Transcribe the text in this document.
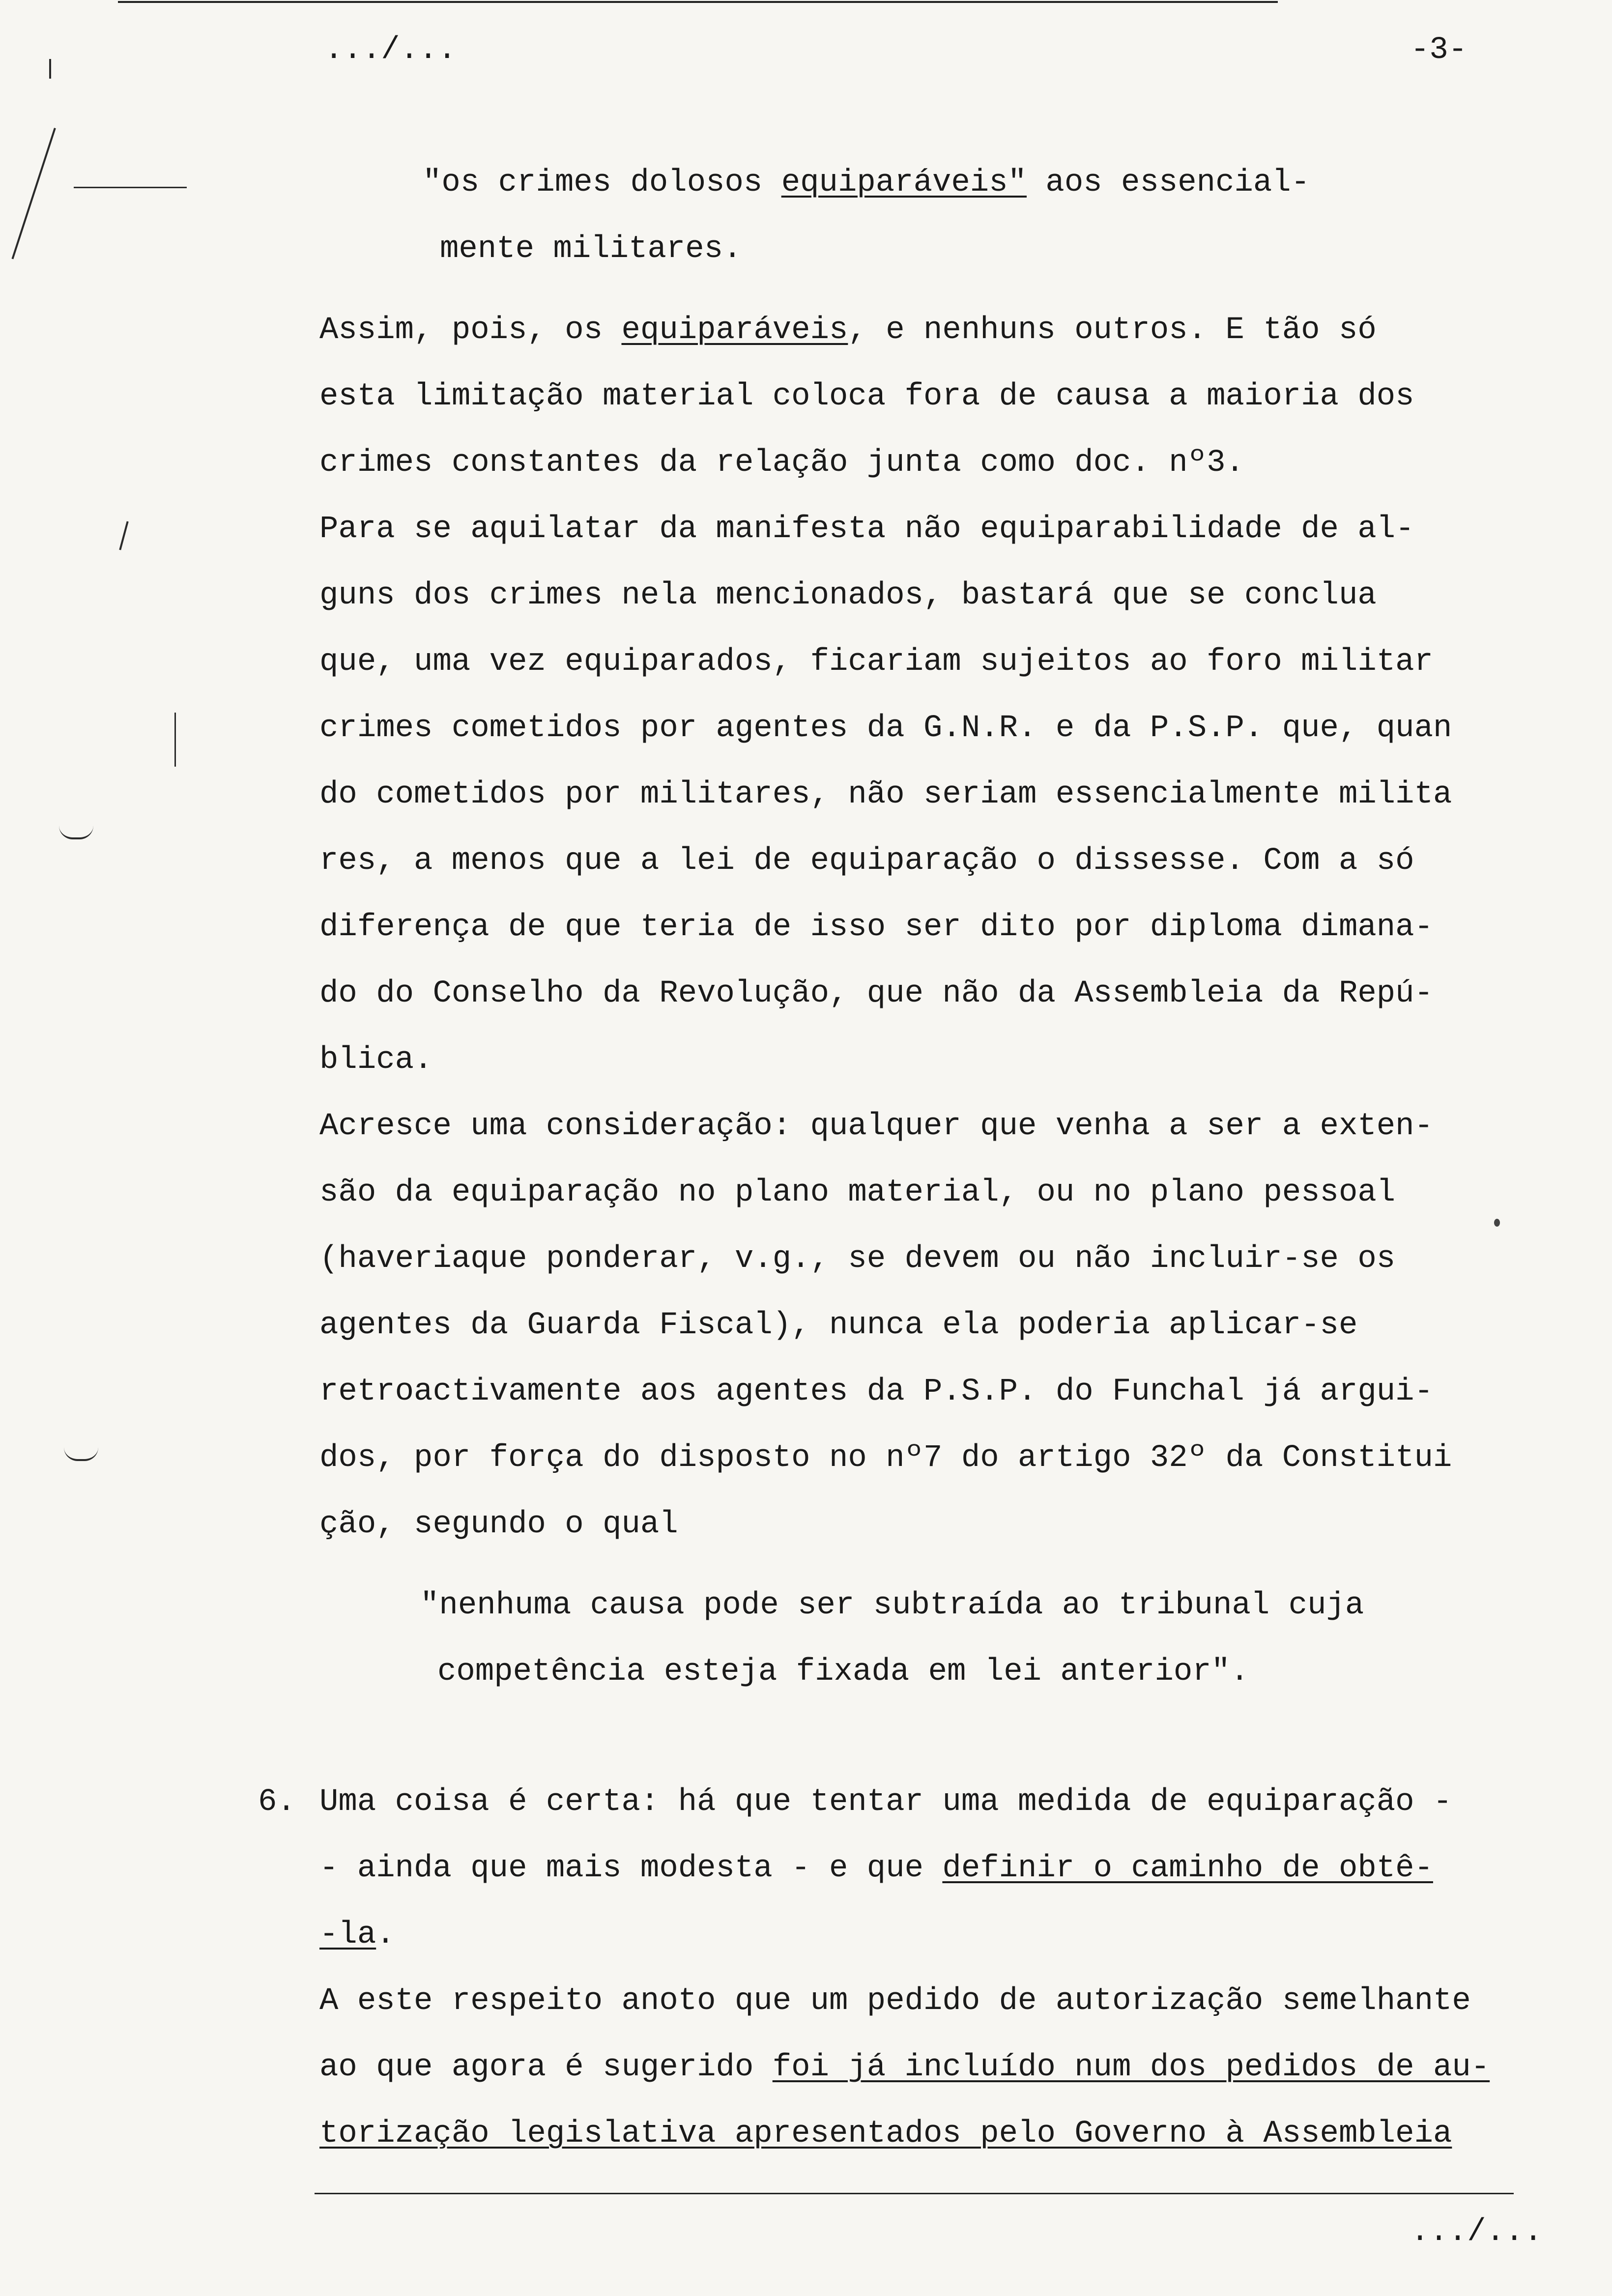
.../...	-3-
"os crimes dolosos equiparáveis" aos essencial-
mente militares.
Assim, pois, os equiparáveis, e nenhuns outros. E tão só
esta limitação material coloca fora de causa a maioria dos
crimes constantes da relação junta como doc. nº3.
Para se aquilatar da manifesta não equiparabilidade de al-
guns dos crimes nela mencionados, bastará que se conclua
que, uma vez equiparados, ficariam sujeitos ao foro militar
crimes cometidos por agentes da G.N.R. e da P.S.P. que, quan
do cometidos por militares, não seriam essencialmente milita
res, a menos que a lei de equiparação o dissesse. Com a só
diferença de que teria de isso ser dito por diploma dimana-
do do Conselho da Revolução, que não da Assembleia da Repú-
blica.
Acresce uma consideração: qualquer que venha a ser a exten-
são da equiparação no plano material, ou no plano pessoal
(haveriaque ponderar, v.g., se devem ou não incluir-se os
agentes da Guarda Fiscal), nunca ela poderia aplicar-se
retroactivamente aos agentes da P.S.P. do Funchal já argui-
dos, por força do disposto no nº7 do artigo 32º da Constitui
ção, segundo o qual
"nenhuma causa pode ser subtraída ao tribunal cuja
competência esteja fixada em lei anterior".
6. Uma coisa é certa: há que tentar uma medida de equiparação -
- ainda que mais modesta - e que definir o caminho de obtê-
-la.
A este respeito anoto que um pedido de autorização semelhante
ao que agora é sugerido foi já incluído num dos pedidos de au-
torização legislativa apresentados pelo Governo à Assembleia
.../...
